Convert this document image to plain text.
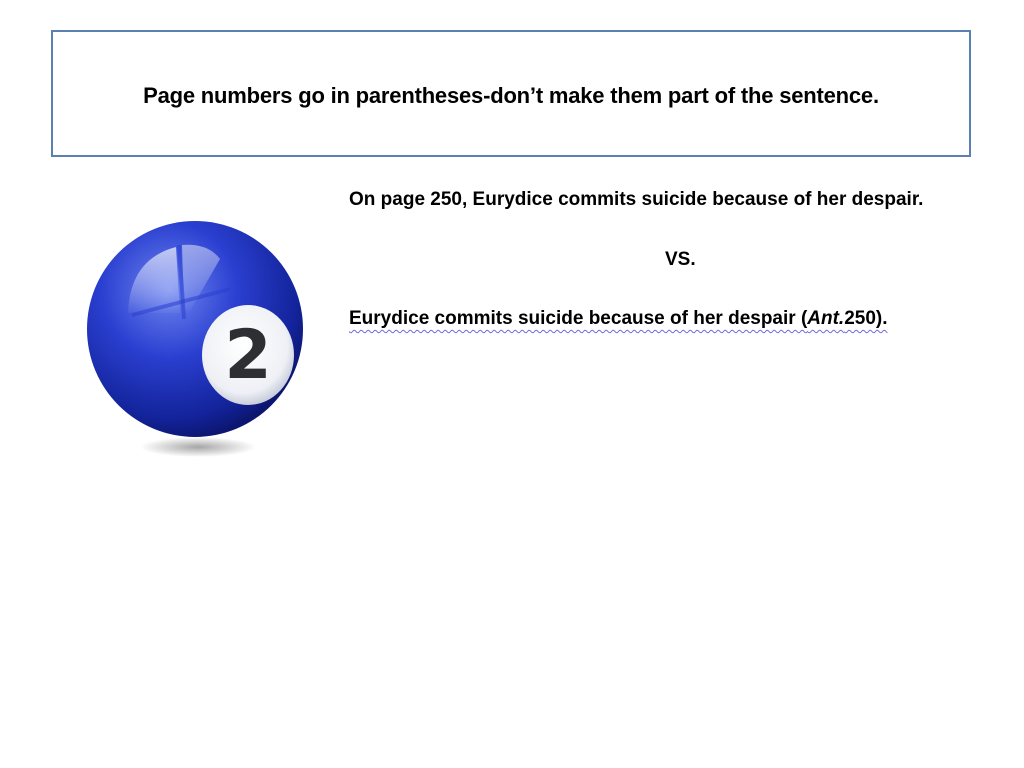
Page numbers go in parentheses-don’t make them part of the sentence.
2
On page 250, Eurydice commits suicide because of her despair.
VS.
Eurydice commits suicide because of her despair (Ant.250).
